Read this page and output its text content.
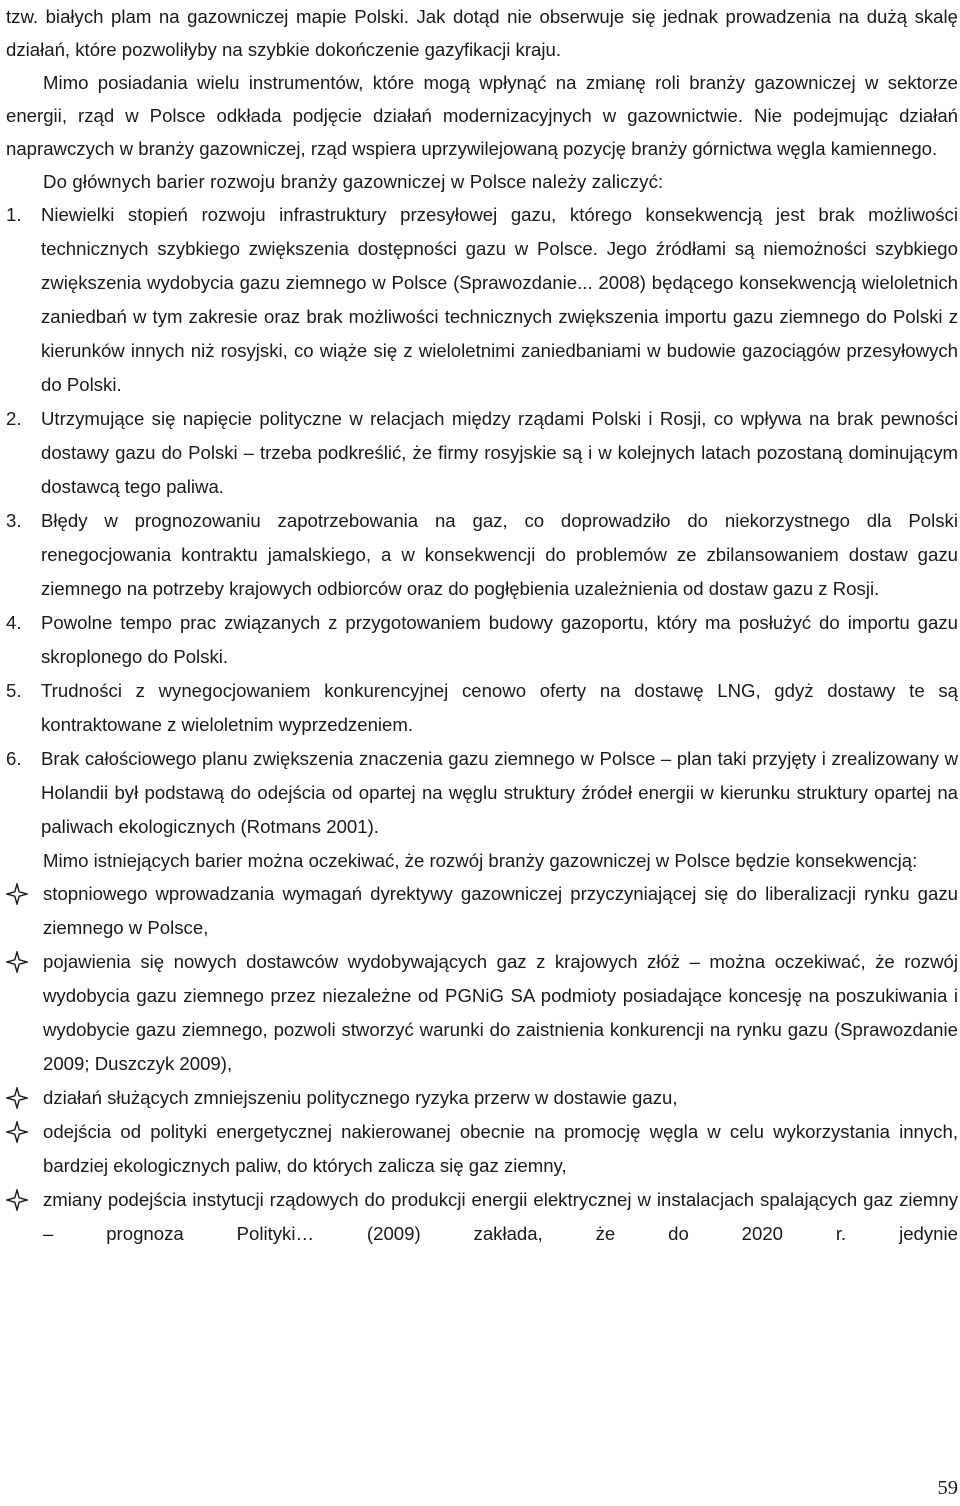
tzw. białych plam na gazowniczej mapie Polski. Jak dotąd nie obserwuje się jednak prowadzenia na dużą skalę działań, które pozwoliłyby na szybkie dokończenie gazyfikacji kraju.

Mimo posiadania wielu instrumentów, które mogą wpłynąć na zmianę roli branży gazowniczej w sektorze energii, rząd w Polsce odkłada podjęcie działań modernizacyjnych w gazownictwie. Nie podejmując działań naprawczych w branży gazowniczej, rząd wspiera uprzywilejowaną pozycję branży górnictwa węgla kamiennego.

Do głównych barier rozwoju branży gazowniczej w Polsce należy zaliczyć:

1. Niewielki stopień rozwoju infrastruktury przesyłowej gazu, którego konsekwencją jest brak możliwości technicznych szybkiego zwiększenia dostępności gazu w Polsce. Jego źródłami są niemożności szybkiego zwiększenia wydobycia gazu ziemnego w Polsce (Sprawozdanie... 2008) będącego konsekwencją wieloletnich zaniedbań w tym zakresie oraz brak możliwości technicznych zwiększenia importu gazu ziemnego do Polski z kierunków innych niż rosyjski, co wiąże się z wieloletnimi zaniedbaniami w budowie gazociągów przesyłowych do Polski.
2. Utrzymujące się napięcie polityczne w relacjach między rządami Polski i Rosji, co wpływa na brak pewności dostawy gazu do Polski – trzeba podkreślić, że firmy rosyjskie są i w kolejnych latach pozostaną dominującym dostawcą tego paliwa.
3. Błędy w prognozowaniu zapotrzebowania na gaz, co doprowadziło do niekorzystnego dla Polski renegocjowania kontraktu jamalskiego, a w konsekwencji do problemów ze zbilansowaniem dostaw gazu ziemnego na potrzeby krajowych odbiorców oraz do pogłębienia uzależnienia od dostaw gazu z Rosji.
4. Powolne tempo prac związanych z przygotowaniem budowy gazoportu, który ma posłużyć do importu gazu skroplonego do Polski.
5. Trudności z wynegocjowaniem konkurencyjnej cenowo oferty na dostawę LNG, gdyż dostawy te są kontraktowane z wieloletnim wyprzedzeniem.
6. Brak całościowego planu zwiększenia znaczenia gazu ziemnego w Polsce – plan taki przyjęty i zrealizowany w Holandii był podstawą do odejścia od opartej na węglu struktury źródeł energii w kierunku struktury opartej na paliwach ekologicznych (Rotmans 2001).

Mimo istniejących barier można oczekiwać, że rozwój branży gazowniczej w Polsce będzie konsekwencją:

stopniowego wprowadzania wymagań dyrektywy gazowniczej przyczyniającej się do liberalizacji rynku gazu ziemnego w Polsce,
pojawienia się nowych dostawców wydobywających gaz z krajowych złóż – można oczekiwać, że rozwój wydobycia gazu ziemnego przez niezależne od PGNiG SA podmioty posiadające koncesję na poszukiwania i wydobycie gazu ziemnego, pozwoli stworzyć warunki do zaistnienia konkurencji na rynku gazu (Sprawozdanie 2009; Duszczyk 2009),
działań służących zmniejszeniu politycznego ryzyka przerw w dostawie gazu,
odejścia od polityki energetycznej nakierowanej obecnie na promocję węgla w celu wykorzystania innych, bardziej ekologicznych paliw, do których zalicza się gaz ziemny,
zmiany podejścia instytucji rządowych do produkcji energii elektrycznej w instalacjach spalających gaz ziemny – prognoza Polityki… (2009) zakłada, że do 2020 r. jedynie
59
